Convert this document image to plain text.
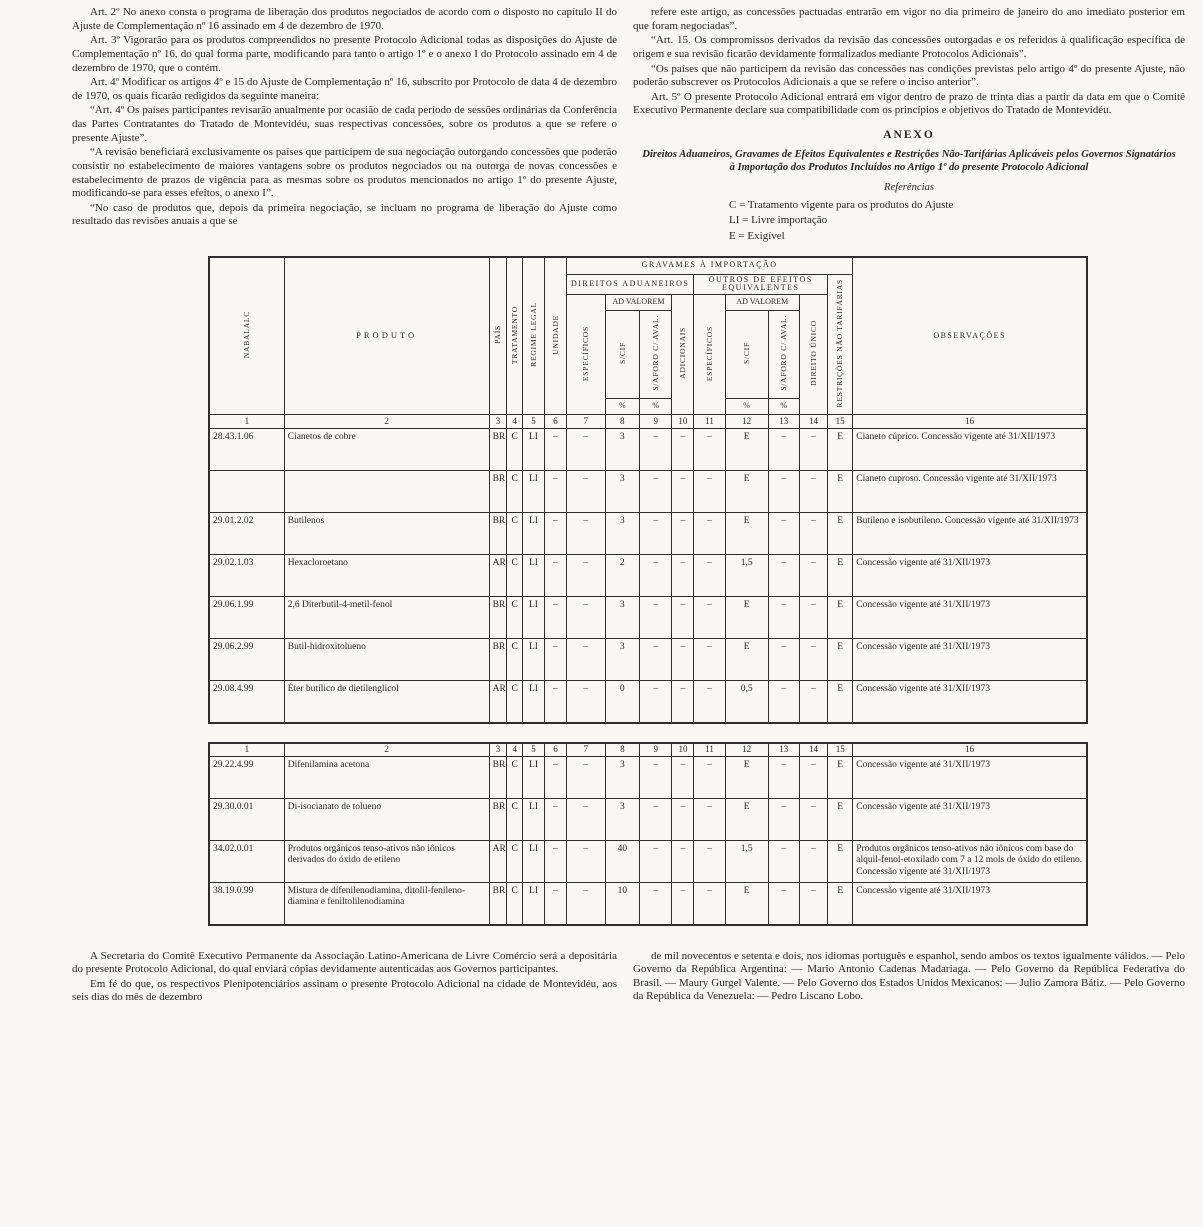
Art. 2º No anexo consta o programa de liberação dos produtos negociados de acordo com o disposto no capítulo II do Ajuste de Complementação nº 16 assinado em 4 de dezembro de 1970.

Art. 3º Vigorarão para os produtos compreendidos no presente Protocolo Adicional todas as disposições do Ajuste de Complementação nº 16, do qual forma parte, modificando para tanto o artigo 1º e o anexo I do Protocolo assinado em 4 de dezembro de 1970, que o contém.

Art. 4º Modificar os artigos 4º e 15 do Ajuste de Complementação nº 16, subscrito por Protocolo de data 4 de dezembro de 1970, os quais ficarão redigidos da seguinte maneira:

“Art. 4º Os países participantes revisarão anualmente por ocasião de cada período de sessões ordinárias da Conferência das Partes Contratantes do Tratado de Montevidéu, suas respectivas concessões, sobre os produtos a que se refere o presente Ajuste”.

“A revisão beneficiará exclusivamente os países que participem de sua negociação outorgando concessões que poderão consistir no estabelecimento de maiores vantagens sobre os produtos negociados ou na outorga de novas concessões e estabelecimento de prazos de vigência para as mesmas sobre os produtos mencionados no artigo 1º do presente Ajuste, modificando-se para esses efeitos, o anexo I”.

“No caso de produtos que, depois da primeira negociação, se incluam no programa de liberação do Ajuste como resultado das revisões anuais a que se

refere este artigo, as concessões pactuadas entrarão em vigor no dia primeiro de janeiro do ano imediato posterior em que foram negociadas”.

“Art. 15. Os compromissos derivados da revisão das concessões outorgadas e os referidos à qualificação específica de origem e sua revisão ficarão devidamente formalizados mediante Protocolos Adicionais”.

“Os países que não participem da revisão das concessões nas condições previstas pelo artigo 4º do presente Ajuste, não poderão subscrever os Protocolos Adicionais a que se refere o inciso anterior”.

Art. 5º O presente Protocolo Adicional entrará em vigor dentro de prazo de trinta dias a partir da data em que o Comitê Executivo Permanente declare sua compatibilidade com os princípios e objetivos do Tratado de Montevidéu.

ANEXO
Direitos Aduaneiros, Gravames de Efeitos Equivalentes e Restrições Não-Tarifárias Aplicáveis pelos Governos Signatários à Importação dos Produtos Incluídos no Artigo 1º do presente Protocolo Adicional
Referências

C = Tratamento vigente para os produtos do Ajuste

LI = Livre importação

E = Exigível

NABALALC	PRODUTO	PAÍS	TRATAMENTO	REGIME LEGAL	UNIDADE	GRAVAMES À IMPORTAÇÃO									OBSERVAÇÕES
						DIREITOS ADUANEIROS				OUTROS DE EFEITOS EQUIVALENTES				RESTRIÇÕES NÃO TARIFÁRIAS	
						ESPECÍFICOS	AD VALOREM		ADICIONAIS	ESPECÍFICOS	AD VALOREM		DIREITO ÚNICO		
							S/CIF	S/AFORO C/ AVAL.			S/CIF	S/AFORO C/ AVAL.			
							%	%			%	%			
1	2	3	4	5	6	7	8	9	10	11	12	13	14	15	16
28.43.1.06	Cianetos de cobre	BR	C	LI	–	–	3	–	–	–	E	–	–	E	Cianeto cúprico. Concessão vigente até 31/XII/1973
		BR	C	LI	–	–	3	–	–	–	E	–	–	E	Cianeto cuproso. Concessão vigente até 31/XII/1973
29.01.2.02	Butilenos	BR	C	LI	–	–	3	–	–	–	E	–	–	E	Butileno e isobutileno. Concessão vigente até 31/XII/1973
29.02.1.03	Hexacloroetano	AR	C	LI	–	–	2	–	–	–	1,5	–	–	E	Concessão vigente até 31/XII/1973
29.06.1.99	2,6 Diterbutil-4-metil-fenol	BR	C	LI	–	–	3	–	–	–	E	–	–	E	Concessão vigente até 31/XII/1973
29.06.2.99	Butil-hidroxitolueno	BR	C	LI	–	–	3	–	–	–	E	–	–	E	Concessão vigente até 31/XII/1973
29.08.4.99	Éter butílico de dietilenglicol	AR	C	LI	–	–	0	–	–	–	0,5	–	–	E	Concessão vigente até 31/XII/1973
1	2	3	4	5	6	7	8	9	10	11	12	13	14	15	16
29.22.4.99	Difenilamina acetona	BR	C	LI	–	–	3	–	–	–	E	–	–	E	Concessão vigente até 31/XII/1973
29.30.0.01	Di-isocianato de tolueno	BR	C	LI	–	–	3	–	–	–	E	–	–	E	Concessão vigente até 31/XII/1973
34.02.0.01	Produtos orgânicos tenso-ativos não iônicos derivados do óxido de etileno	AR	C	LI	–	–	40	–	–	–	1,5	–	–	E	Produtos orgânicos tenso-ativos não iônicos com base do alquil-fenol-etoxilado com 7 a 12 mols de óxido do etileno. Concessão vigente até 31/XII/1973
38.19.0.99	Mistura de difenilenodiamina, ditolil-fenileno-diamina e feniltolilenodiamina	BR	C	LI	–	–	10	–	–	–	E	–	–	E	Concessão vigente até 31/XII/1973

A Secretaria do Comitê Executivo Permanente da Associação Latino-Americana de Livre Comércio será a depositária do presente Protocolo Adicional, do qual enviará cópias devidamente autenticadas aos Governos participantes.

Em fé do que, os respectivos Plenipotenciários assinam o presente Protocolo Adicional na cidade de Montevidéu, aos seis dias do mês de dezembro

de mil novecentos e setenta e dois, nos idiomas português e espanhol, sendo ambos os textos igualmente válidos. — Pelo Governo da República Argentina: — Mario Antonio Cadenas Madariaga. — Pelo Governo da República Federativa do Brasil. — Maury Gurgel Valente. — Pelo Governo dos Estados Unidos Mexicanos: — Julio Zamora Bátiz. — Pelo Governo da República da Venezuela: — Pedro Liscano Lobo.
